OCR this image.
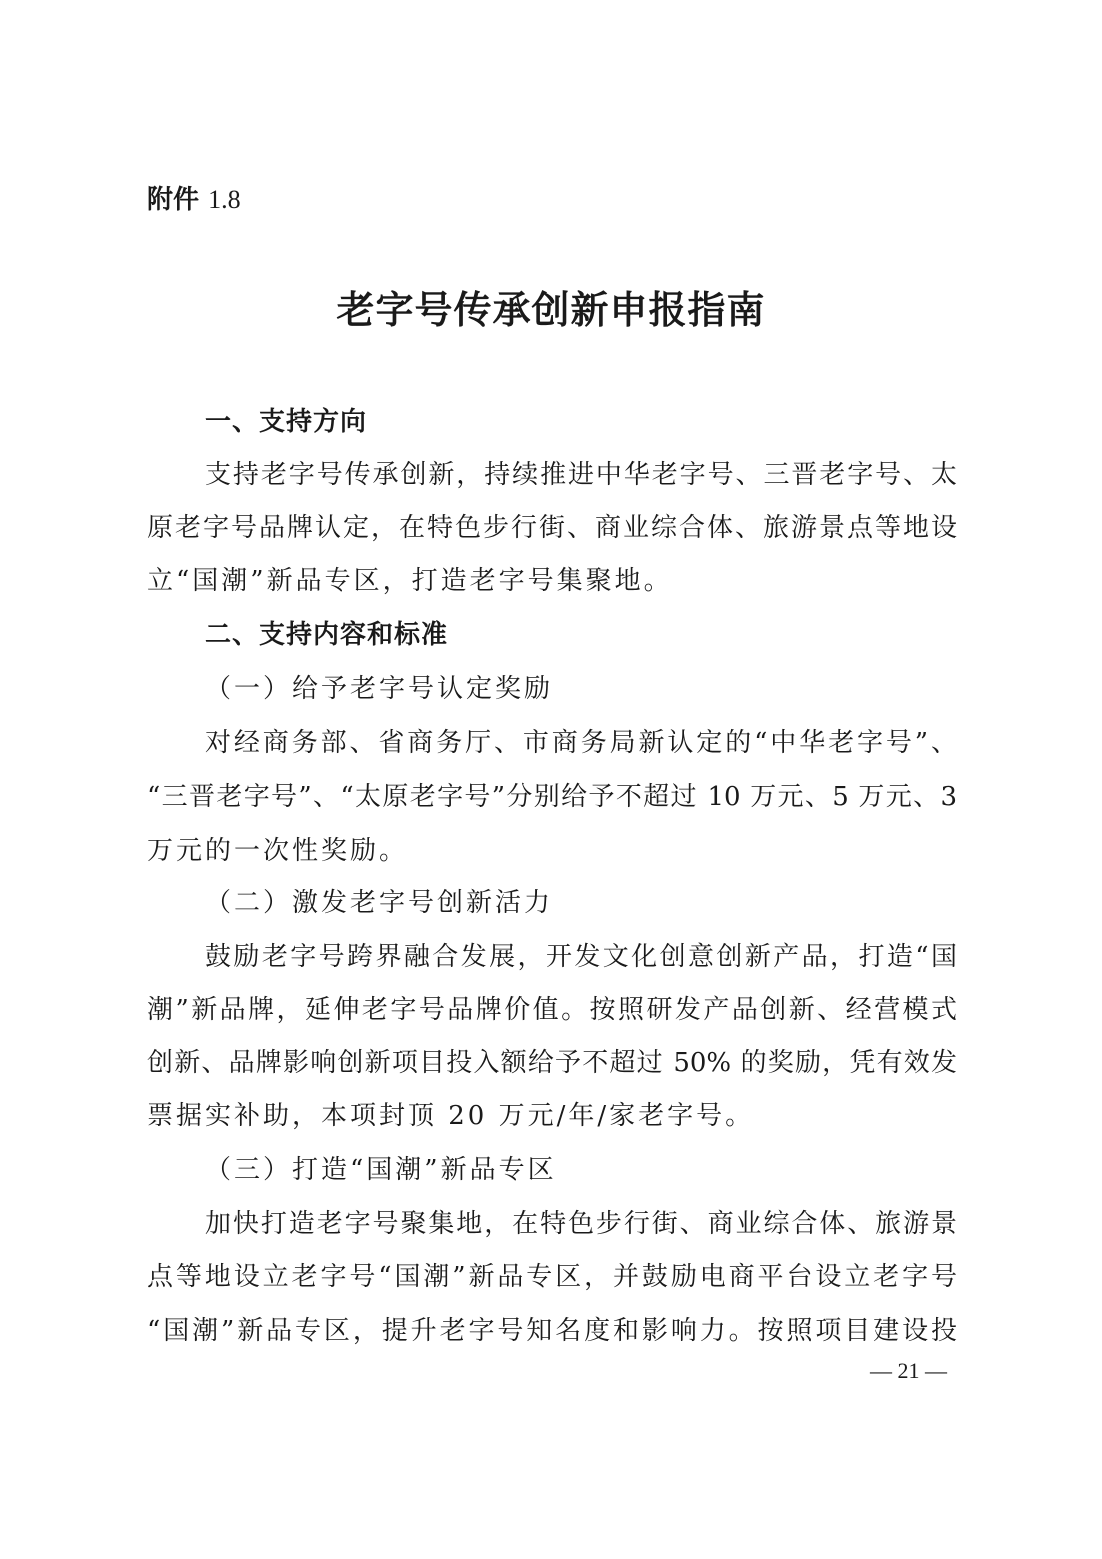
附件 1.8
老字号传承创新申报指南
一、支持方向
支持老字号传承创新，持续推进中华老字号、三晋老字号、太
原老字号品牌认定，在特色步行街、商业综合体、旅游景点等地设
立“国潮”新品专区，打造老字号集聚地。
二、支持内容和标准
（一）给予老字号认定奖励
对经商务部、省商务厅、市商务局新认定的“中华老字号”、
“三晋老字号”、“太原老字号”分别给予不超过 10 万元、5 万元、3
万元的一次性奖励。
（二）激发老字号创新活力
鼓励老字号跨界融合发展，开发文化创意创新产品，打造“国
潮”新品牌，延伸老字号品牌价值。按照研发产品创新、经营模式
创新、品牌影响创新项目投入额给予不超过 50% 的奖励，凭有效发
票据实补助，本项封顶 20 万元/年/家老字号。
（三）打造“国潮”新品专区
加快打造老字号聚集地，在特色步行街、商业综合体、旅游景
点等地设立老字号“国潮”新品专区，并鼓励电商平台设立老字号
“国潮”新品专区，提升老字号知名度和影响力。按照项目建设投
— 21 —
